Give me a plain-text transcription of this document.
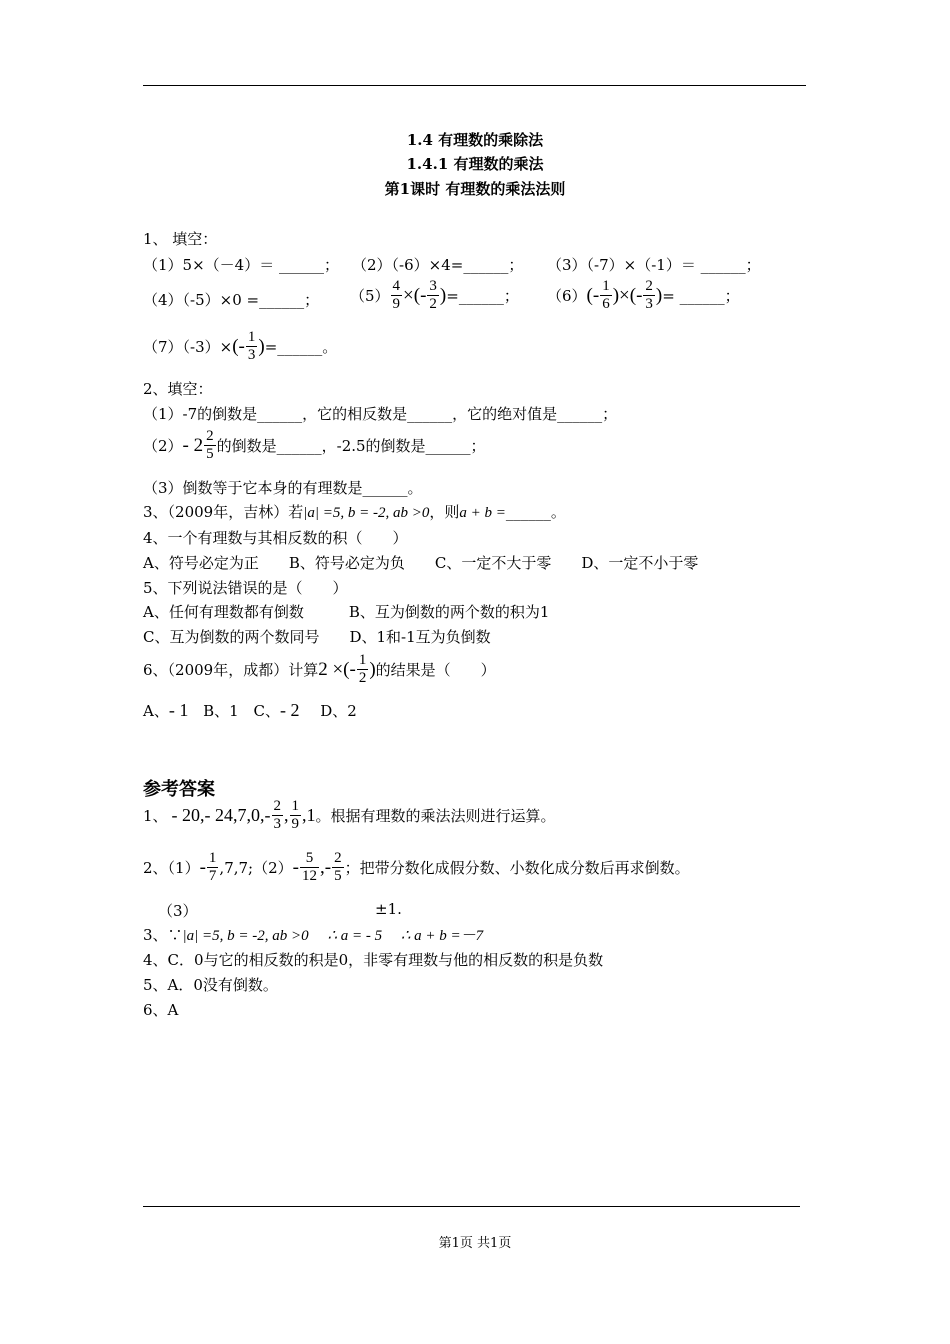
1.4 有理数的乘除法
1.4.1 有理数的乘法
第1课时 有理数的乘法法则
1、 填空：
（1）5×（－4）＝ ______； （2）（-6）×4=______； （3）（-7）×（-1）＝ ______；
（4）（-5）×0 =______； $(5) \frac{4}{9}$ ×(- $\frac{3}{2}$ ) =______； （6） (- $\frac{1}{6}$ )×(- $\frac{2}{3}$ ) = ______；
（7）（-3）× (- $\frac{1}{3}$ ) =______。
2、填空：
（1）-7的倒数是______，它的相反数是______，它的绝对值是______；
$(2) - 2 \frac{2}{5}$ 的倒数是______，-2.5的倒数是______；
（3）倒数等于它本身的有理数是______。
3、（2009年，吉林）若|a| =5, b = -2, ab >0，则a + b =______。
4、一个有理数与其相反数的积（　　）
A、符号必定为正　　B、符号必定为负　　C、一定不大于零　　D、一定不小于零
5、下列说法错误的是（　　）
A、任何有理数都有倒数　　　B、互为倒数的两个数的积为1
C、互为倒数的两个数同号　　D、1和-1互为负倒数
6、（2009年，成都）计算 2 ×(- $\frac{1}{2}$ ) 的结果是（　　）
A、- 1 B、1 C、- 2 D、2
参考答案
1、 - 20,- $24,7,0,- \frac{2}{3}$ , $\frac{1}{9} ,1$ 。根据有理数的乘法法则进行运算。
2、$(1) - \frac{1}{7}$ ,7,7;（2） - $\frac{5}{12}$ ,- $\frac{2}{5}$ ；把带分数化成假分数、小数化成分数后再求倒数。
（3）	±1.
3、∵|a| =5, b = -2, ab >0 ∴ a = - 5 ∴ a + b =－7
4、C．0与它的相反数的积是0，非零有理数与他的相反数的积是负数
5、A．0没有倒数。
6、A
第1页 共1页
